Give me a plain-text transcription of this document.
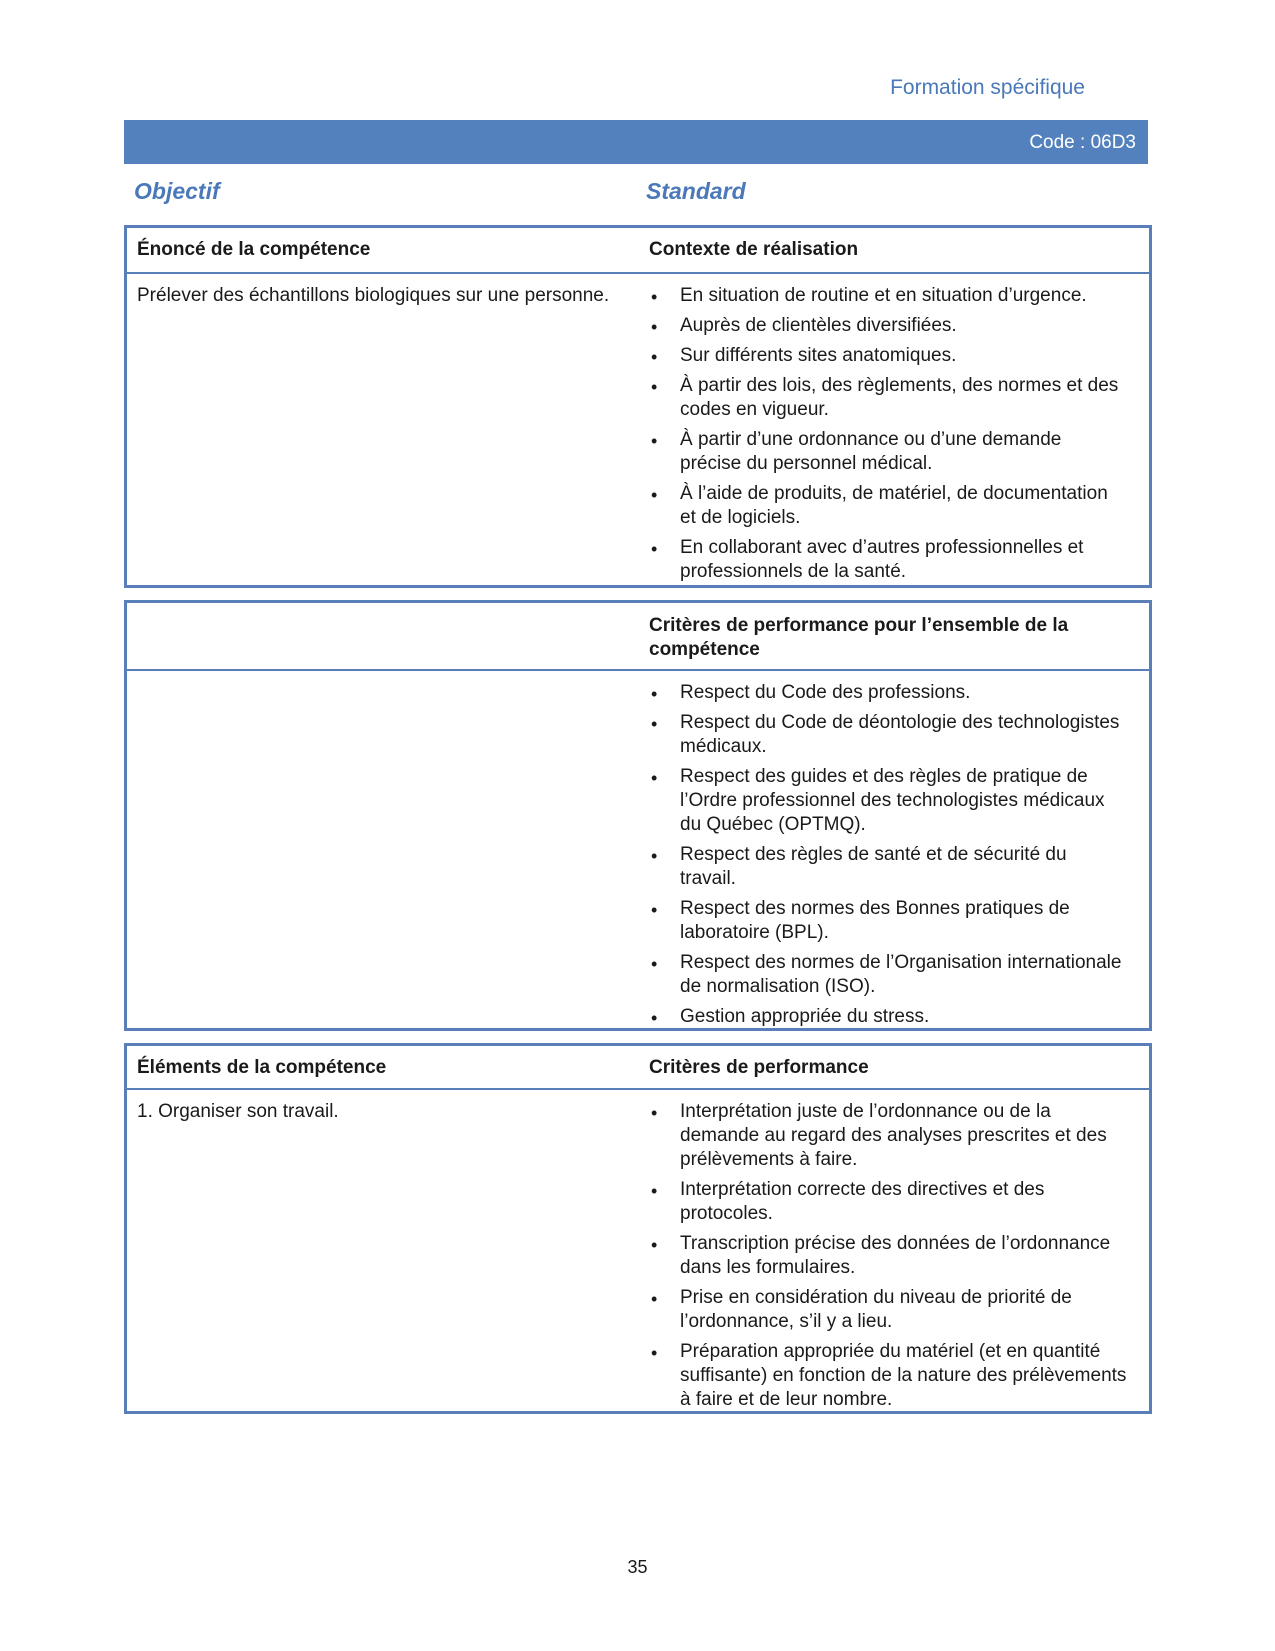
Formation spécifique
Code : 06D3
Objectif	Standard
Énoncé de la compétence	Contexte de réalisation
Prélever des échantillons biologiques sur une personne.	• En situation de routine et en situation d’urgence.
• Auprès de clientèles diversifiées.
• Sur différents sites anatomiques.
• À partir des lois, des règlements, des normes et des codes en vigueur.
• À partir d’une ordonnance ou d’une demande précise du personnel médical.
• À l’aide de produits, de matériel, de documentation et de logiciels.
• En collaborant avec d’autres professionnelles et professionnels de la santé.
Critères de performance pour l’ensemble de la compétence
• Respect du Code des professions.
• Respect du Code de déontologie des technologistes médicaux.
• Respect des guides et des règles de pratique de l’Ordre professionnel des technologistes médicaux du Québec (OPTMQ).
• Respect des règles de santé et de sécurité du travail.
• Respect des normes des Bonnes pratiques de laboratoire (BPL).
• Respect des normes de l’Organisation internationale de normalisation (ISO).
• Gestion appropriée du stress.
Éléments de la compétence	Critères de performance
1. Organiser son travail.	• Interprétation juste de l’ordonnance ou de la demande au regard des analyses prescrites et des prélèvements à faire.
• Interprétation correcte des directives et des protocoles.
• Transcription précise des données de l’ordonnance dans les formulaires.
• Prise en considération du niveau de priorité de l’ordonnance, s’il y a lieu.
• Préparation appropriée du matériel (et en quantité suffisante) en fonction de la nature des prélèvements à faire et de leur nombre.
35
